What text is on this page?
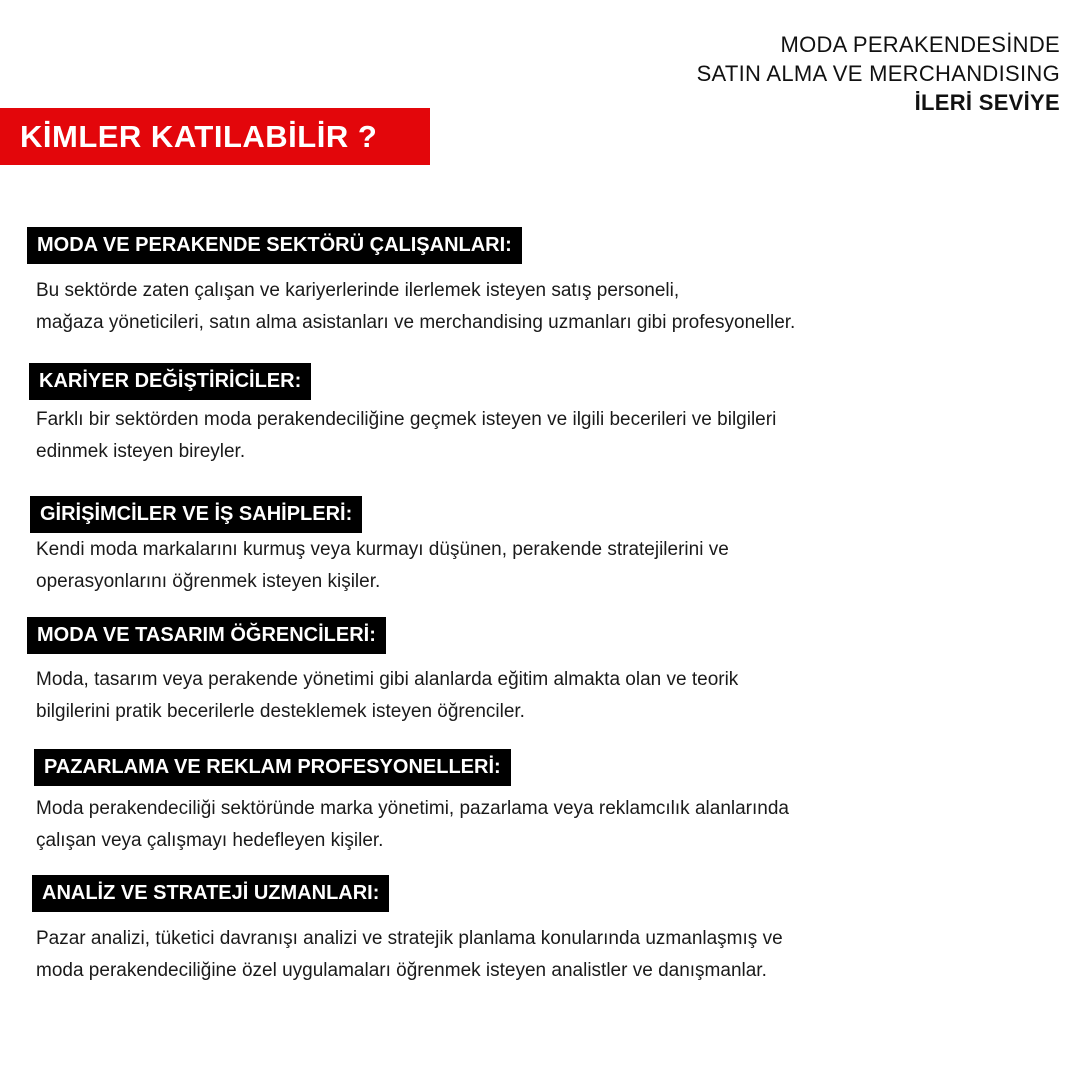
MODA PERAKENDESİNDE
SATIN ALMA VE MERCHANDISING
İLERİ SEVİYE
KİMLER KATILABİLİR ?
MODA VE PERAKENDE SEKTÖRÜ ÇALIŞANLARI:
Bu sektörde zaten çalışan ve kariyerlerinde ilerlemek isteyen satış personeli,
mağaza yöneticileri, satın alma asistanları ve merchandising uzmanları gibi profesyoneller.
KARİYER DEĞİŞTİRİCİLER:
Farklı bir sektörden moda perakendeciliğine geçmek isteyen ve ilgili becerileri ve bilgileri
edinmek isteyen bireyler.
GİRİŞİMCİLER VE İŞ SAHİPLERİ:
Kendi moda markalarını kurmuş veya kurmayı düşünen, perakende stratejilerini ve
operasyonlarını öğrenmek isteyen kişiler.
MODA VE TASARIM ÖĞRENCİLERİ:
Moda, tasarım veya perakende yönetimi gibi alanlarda eğitim almakta olan ve teorik
bilgilerini pratik becerilerle desteklemek isteyen öğrenciler.
PAZARLAMA VE REKLAM PROFESYONELLERİ:
Moda perakendeciliği sektöründe marka yönetimi, pazarlama veya reklamcılık alanlarında
çalışan veya çalışmayı hedefleyen kişiler.
ANALİZ VE STRATEJİ UZMANLARI:
Pazar analizi, tüketici davranışı analizi ve stratejik planlama konularında uzmanlaşmış ve
moda perakendeciliğine özel uygulamaları öğrenmek isteyen analistler ve danışmanlar.
